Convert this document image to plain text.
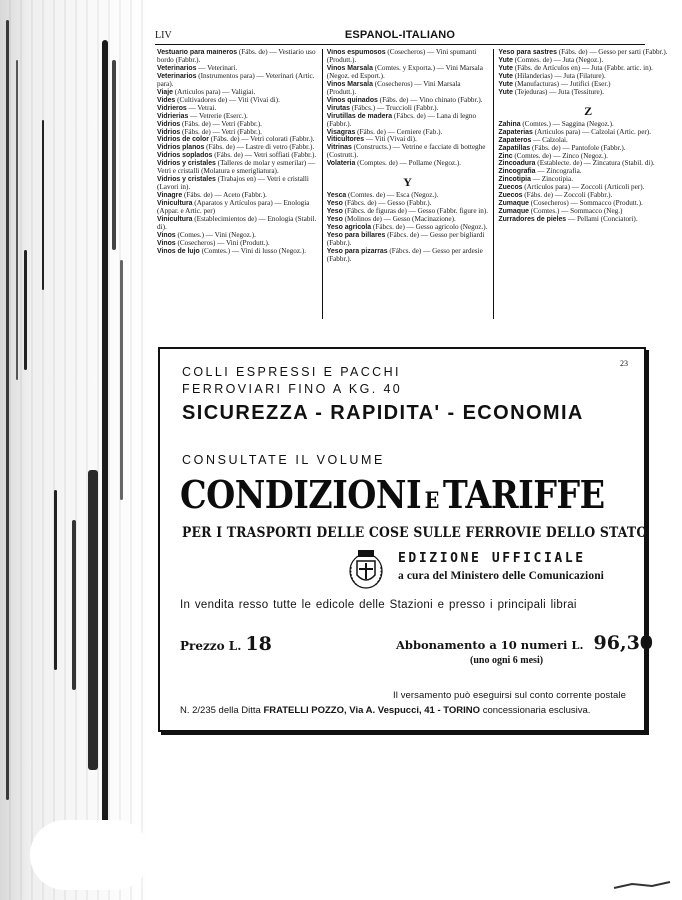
LIV	ESPANOL-ITALIANO

Vestuario para maineros (Fábs. de) — Vestiario uso bordo (Fabbr.).

Veterinarios — Veterinari.

Veterinarios (Instrumentos para) — Veterinari (Artic. para).

Viaje (Articulos para) — Valigiai.

Vides (Cultivadores de) — Viti (Vivai di).

Vidrieros — Vetrai.

Vidrierias — Vetrerie (Eserc.).

Vidrios (Fábs. de) — Vetri (Fabbr.).

Vidrios (Fábs. de) — Vetri (Fabbr.).

Vidrios de color (Fábs. de) — Vetri colorati (Fabbr.).

Vidrios planos (Fábs. de) — Lastre di vetro (Fabbr.).

Vidrios soplados (Fábs. de) — Vetri soffiati (Fabbr.).

Vidrios y cristales (Talleres de molar y esmerilar) — Vetri e cristalli (Molatura e smerigliatura).

Vidrios y cristales (Trabajos en) — Vetri e cristalli (Lavori in).

Vinagre (Fábs. de) — Aceto (Fabbr.).

Vinicultura (Aparatos y Artículos para) — Enologia (Appar. e Artic. per)

Vinicultura (Establecimientos de) — Enologia (Stabil. di).

Vinos (Comes.) — Vini (Negoz.).

Vinos (Cosecheros) — Vini (Produtt.).

Vinos de lujo (Comtes.) — Vini di lusso (Negoz.).

Vinos espumosos (Cosecheros) — Vini spumanti (Produtt.).

Vinos Marsala (Comtes. y Exporta.) — Vini Marsala (Negoz. ed Esport.).

Vinos Marsala (Cosecheros) — Vini Marsala (Produtt.).

Vinos quinados (Fábs. de) — Vino chinato (Fabbr.).

Virutas (Fábcs.) — Truccioli (Fabbr.).

Virutillas de madera (Fábcs. de) — Lana di legno (Fabbr.).

Visagras (Fábs. de) — Cerniere (Fab.).

Viticultores — Viti (Vivai di).

Vitrinas (Constructs.) — Vetrine e facciate di botteghe (Costrutt.).

Volateria (Comptes. de) — Pollame (Negoz.).

Y

Yesca (Comtes. de) — Esca (Negoz.).

Yeso (Fábcs. de) — Gesso (Fabbr.).

Yeso (Fábcs. de figuras de) — Gesso (Fabbr. figure in).

Yeso (Molinos de) — Gesso (Macinazione).

Yeso agricola (Fábcs. de) — Gesso agricolo (Negoz.).

Yeso para billares (Fábcs. de) — Gesso per bigliardi (Fabbr.).

Yeso para pizarras (Fábcs. de) — Gesso per ardesie (Fabbr.).

Yeso para sastres (Fábs. de) — Gesso per sarti (Fabbr.).

Yute (Comtes. de) — Juta (Negoz.).

Yute (Fábs. de Artículos en) — Juta (Fabbr. artic. in).

Yute (Hilanderias) — Juta (Filature).

Yute (Manufacturas) — Jutifici (Eser.)

Yute (Tejeduras) — Juta (Tessiture).

Z

Zahina (Comtes.) — Saggina (Negoz.).

Zapaterias (Articulos para) — Calzolai (Artic. per).

Zapateros — Calzolai.

Zapatillas (Fábs. de) — Pantofole (Fabbr.).

Zinc (Comtes. de) — Zinco (Negoz.).

Zincoadura (Establecte. de) — Zincatura (Stabil. di).

Zincografia — Zincografia.

Zincotipia — Zincotipia.

Zuecos (Artículos para) — Zoccoli (Articoli per).

Zuecos (Fábs. de) — Zoccoli (Fabbr.).

Zumaque (Cosecheros) — Sommacco (Produtt.).

Zumaque (Comtes.) — Sommacco (Neg.)

Zurradores de pieles — Pellami (Conciatori).

23
COLLI ESPRESSI E PACCHI
FERROVIARI FINO A KG. 40
SICUREZZA - RAPIDITA' - ECONOMIA
CONSULTATE IL VOLUME
CONDIZIONI ETARIFFE
PER I TRASPORTI DELLE COSE SULLE FERROVIE DELLO STATO
EDIZIONE UFFICIALE
a cura del Ministero delle Comunicazioni
In vendita resso tutte le edicole delle Stazioni e presso i principali librai
Prezzo L. 18	Abbonamento a 10 numeri L. 96,30
(uno ogni 6 mesi)
Il versamento può eseguirsi sul conto corrente postale
N. 2/235 della Ditta FRATELLI POZZO, Via A. Vespucci, 41 - TORINO concessionaria esclusiva.
